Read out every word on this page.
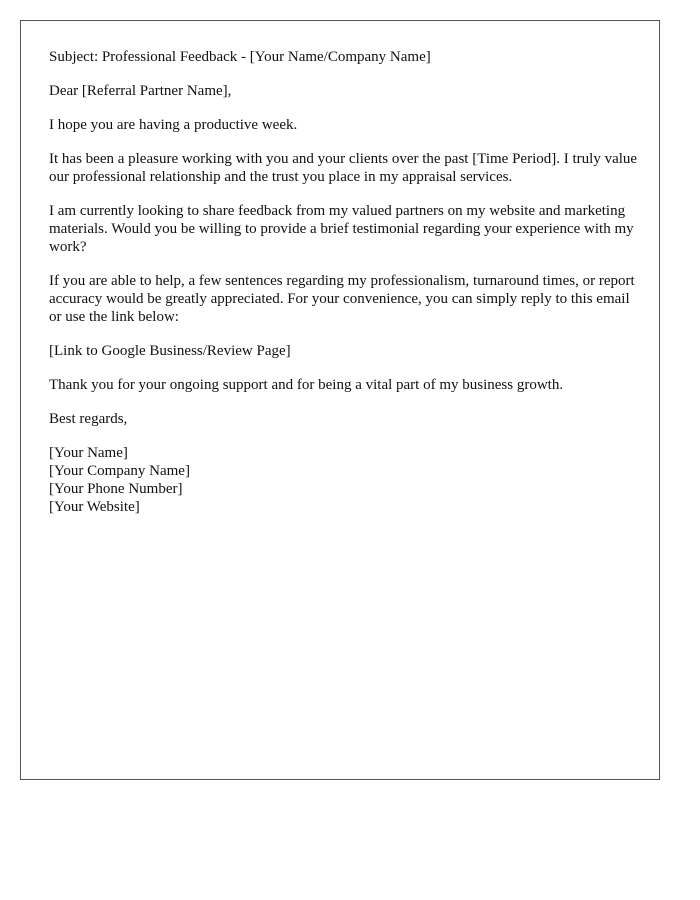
Subject: Professional Feedback - [Your Name/Company Name]

Dear [Referral Partner Name],

I hope you are having a productive week.

It has been a pleasure working with you and your clients over the past [Time Period]. I truly value our professional relationship and the trust you place in my appraisal services.

I am currently looking to share feedback from my valued partners on my website and marketing materials. Would you be willing to provide a brief testimonial regarding your experience with my work?

If you are able to help, a few sentences regarding my professionalism, turnaround times, or report accuracy would be greatly appreciated. For your convenience, you can simply reply to this email or use the link below:

[Link to Google Business/Review Page]

Thank you for your ongoing support and for being a vital part of my business growth.

Best regards,

[Your Name]
[Your Company Name]
[Your Phone Number]
[Your Website]
